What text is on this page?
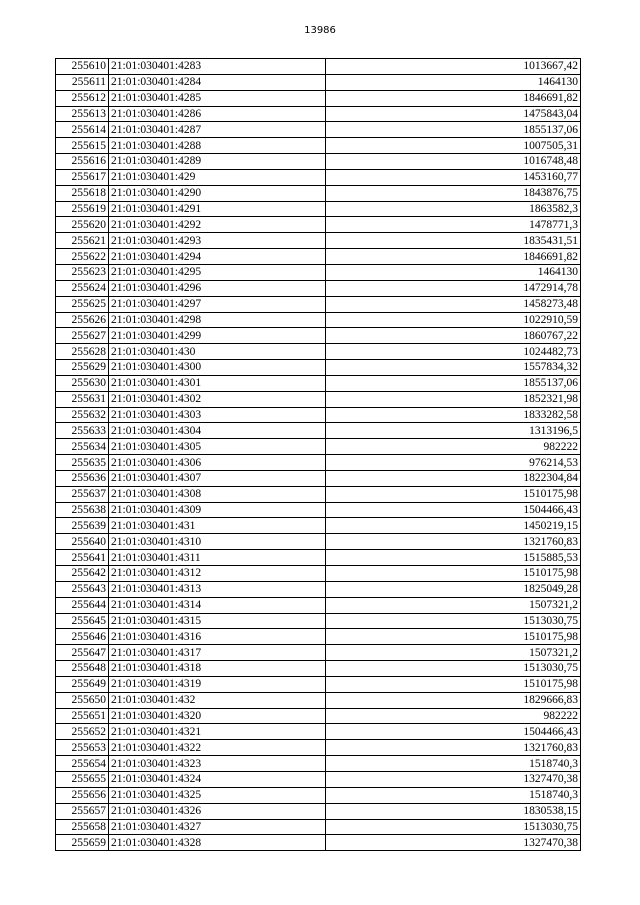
13986
255610	21:01:030401:4283	1013667,42
255611	21:01:030401:4284	1464130
255612	21:01:030401:4285	1846691,82
255613	21:01:030401:4286	1475843,04
255614	21:01:030401:4287	1855137,06
255615	21:01:030401:4288	1007505,31
255616	21:01:030401:4289	1016748,48
255617	21:01:030401:429	1453160,77
255618	21:01:030401:4290	1843876,75
255619	21:01:030401:4291	1863582,3
255620	21:01:030401:4292	1478771,3
255621	21:01:030401:4293	1835431,51
255622	21:01:030401:4294	1846691,82
255623	21:01:030401:4295	1464130
255624	21:01:030401:4296	1472914,78
255625	21:01:030401:4297	1458273,48
255626	21:01:030401:4298	1022910,59
255627	21:01:030401:4299	1860767,22
255628	21:01:030401:430	1024482,73
255629	21:01:030401:4300	1557834,32
255630	21:01:030401:4301	1855137,06
255631	21:01:030401:4302	1852321,98
255632	21:01:030401:4303	1833282,58
255633	21:01:030401:4304	1313196,5
255634	21:01:030401:4305	982222
255635	21:01:030401:4306	976214,53
255636	21:01:030401:4307	1822304,84
255637	21:01:030401:4308	1510175,98
255638	21:01:030401:4309	1504466,43
255639	21:01:030401:431	1450219,15
255640	21:01:030401:4310	1321760,83
255641	21:01:030401:4311	1515885,53
255642	21:01:030401:4312	1510175,98
255643	21:01:030401:4313	1825049,28
255644	21:01:030401:4314	1507321,2
255645	21:01:030401:4315	1513030,75
255646	21:01:030401:4316	1510175,98
255647	21:01:030401:4317	1507321,2
255648	21:01:030401:4318	1513030,75
255649	21:01:030401:4319	1510175,98
255650	21:01:030401:432	1829666,83
255651	21:01:030401:4320	982222
255652	21:01:030401:4321	1504466,43
255653	21:01:030401:4322	1321760,83
255654	21:01:030401:4323	1518740,3
255655	21:01:030401:4324	1327470,38
255656	21:01:030401:4325	1518740,3
255657	21:01:030401:4326	1830538,15
255658	21:01:030401:4327	1513030,75
255659	21:01:030401:4328	1327470,38
